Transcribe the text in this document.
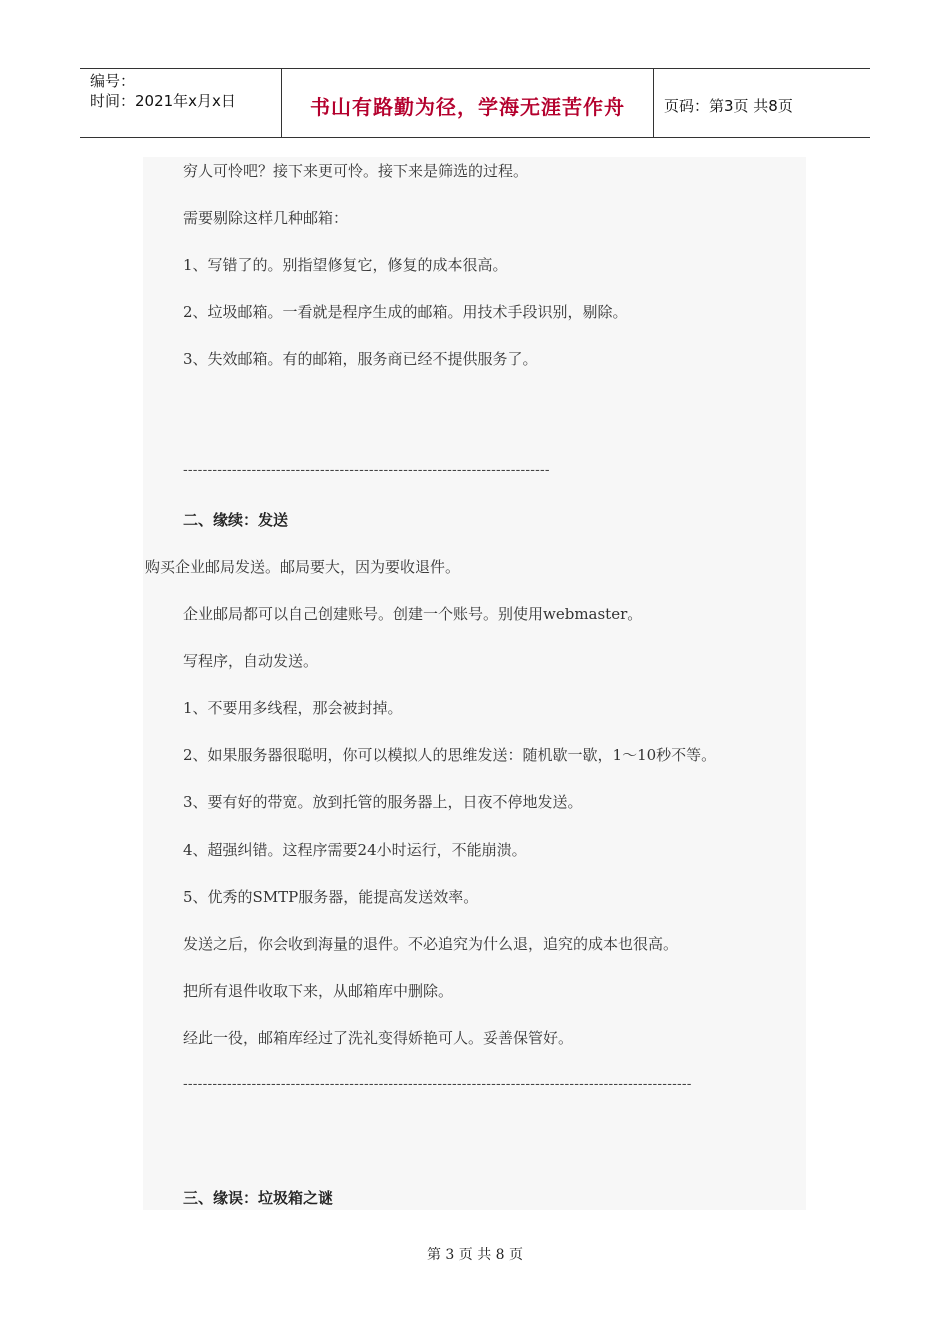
编号：
时间：2021年x月x日	书山有路勤为径，学海无涯苦作舟	页码：第3页 共8页
穷人可怜吧？接下来更可怜。接下来是筛选的过程。
需要剔除这样几种邮箱：
1、写错了的。别指望修复它，修复的成本很高。
2、垃圾邮箱。一看就是程序生成的邮箱。用技术手段识别，剔除。
3、失效邮箱。有的邮箱，服务商已经不提供服务了。
---------------------------------------------------------------------------
二、缘续：发送
购买企业邮局发送。邮局要大，因为要收退件。
企业邮局都可以自己创建账号。创建一个账号。别使用webmaster。
写程序，自动发送。
1、不要用多线程，那会被封掉。
2、如果服务器很聪明，你可以模拟人的思维发送：随机歇一歇，1～10秒不等。
3、要有好的带宽。放到托管的服务器上，日夜不停地发送。
4、超强纠错。这程序需要24小时运行，不能崩溃。
5、优秀的SMTP服务器，能提高发送效率。
发送之后，你会收到海量的退件。不必追究为什么退，追究的成本也很高。
把所有退件收取下来，从邮箱库中删除。
经此一役，邮箱库经过了洗礼变得娇艳可人。妥善保管好。
--------------------------------------------------------------------------------------------------------
三、缘误：垃圾箱之谜
第 3 页 共 8 页
